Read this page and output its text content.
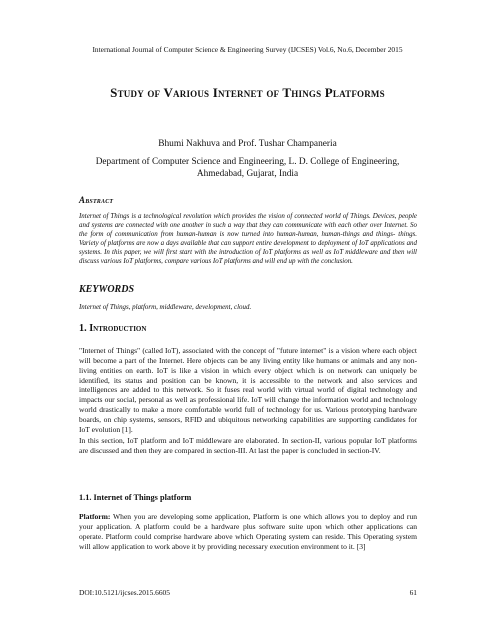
International Journal of Computer Science & Engineering Survey (IJCSES) Vol.6, No.6, December 2015
Study of Various Internet of Things Platforms
Bhumi Nakhuva and Prof. Tushar Champaneria
Department of Computer Science and Engineering, L. D. College of Engineering,
Ahmedabad, Gujarat, India
Abstract
Internet of Things is a technological revolution which provides the vision of connected world of Things. Devices, people and systems are connected with one another in such a way that they can communicate with each other over Internet. So the form of communication from human-human is now turned into human-human, human-things and things- things. Variety of platforms are now a days available that can support entire development to deployment of IoT applications and systems. In this paper, we will first start with the introduction of IoT platforms as well as IoT middleware and then will discuss various IoT platforms, compare various IoT platforms and will end up with the conclusion.
KEYWORDS
Internet of Things, platform, middleware, development, cloud.
1. Introduction
"Internet of Things" (called IoT), associated with the concept of "future internet" is a vision where each object will become a part of the Internet. Here objects can be any living entity like humans or animals and any non-living entities on earth. IoT is like a vision in which every object which is on network can uniquely be identified, its status and position can be known, it is accessible to the network and also services and intelligences are added to this network. So it fuses real world with virtual world of digital technology and impacts our social, personal as well as professional life. IoT will change the information world and technology world drastically to make a more comfortable world full of technology for us. Various prototyping hardware boards, on chip systems, sensors, RFID and ubiquitous networking capabilities are supporting candidates for IoT evolution [1].
In this section, IoT platform and IoT middleware are elaborated. In section-II, various popular IoT platforms are discussed and then they are compared in section-III. At last the paper is concluded in section-IV.
1.1. Internet of Things platform
Platform: When you are developing some application, Platform is one which allows you to deploy and run your application. A platform could be a hardware plus software suite upon which other applications can operate. Platform could comprise hardware above which Operating system can reside. This Operating system will allow application to work above it by providing necessary execution environment to it. [3]
DOI:10.5121/ijcses.2015.6605	61
